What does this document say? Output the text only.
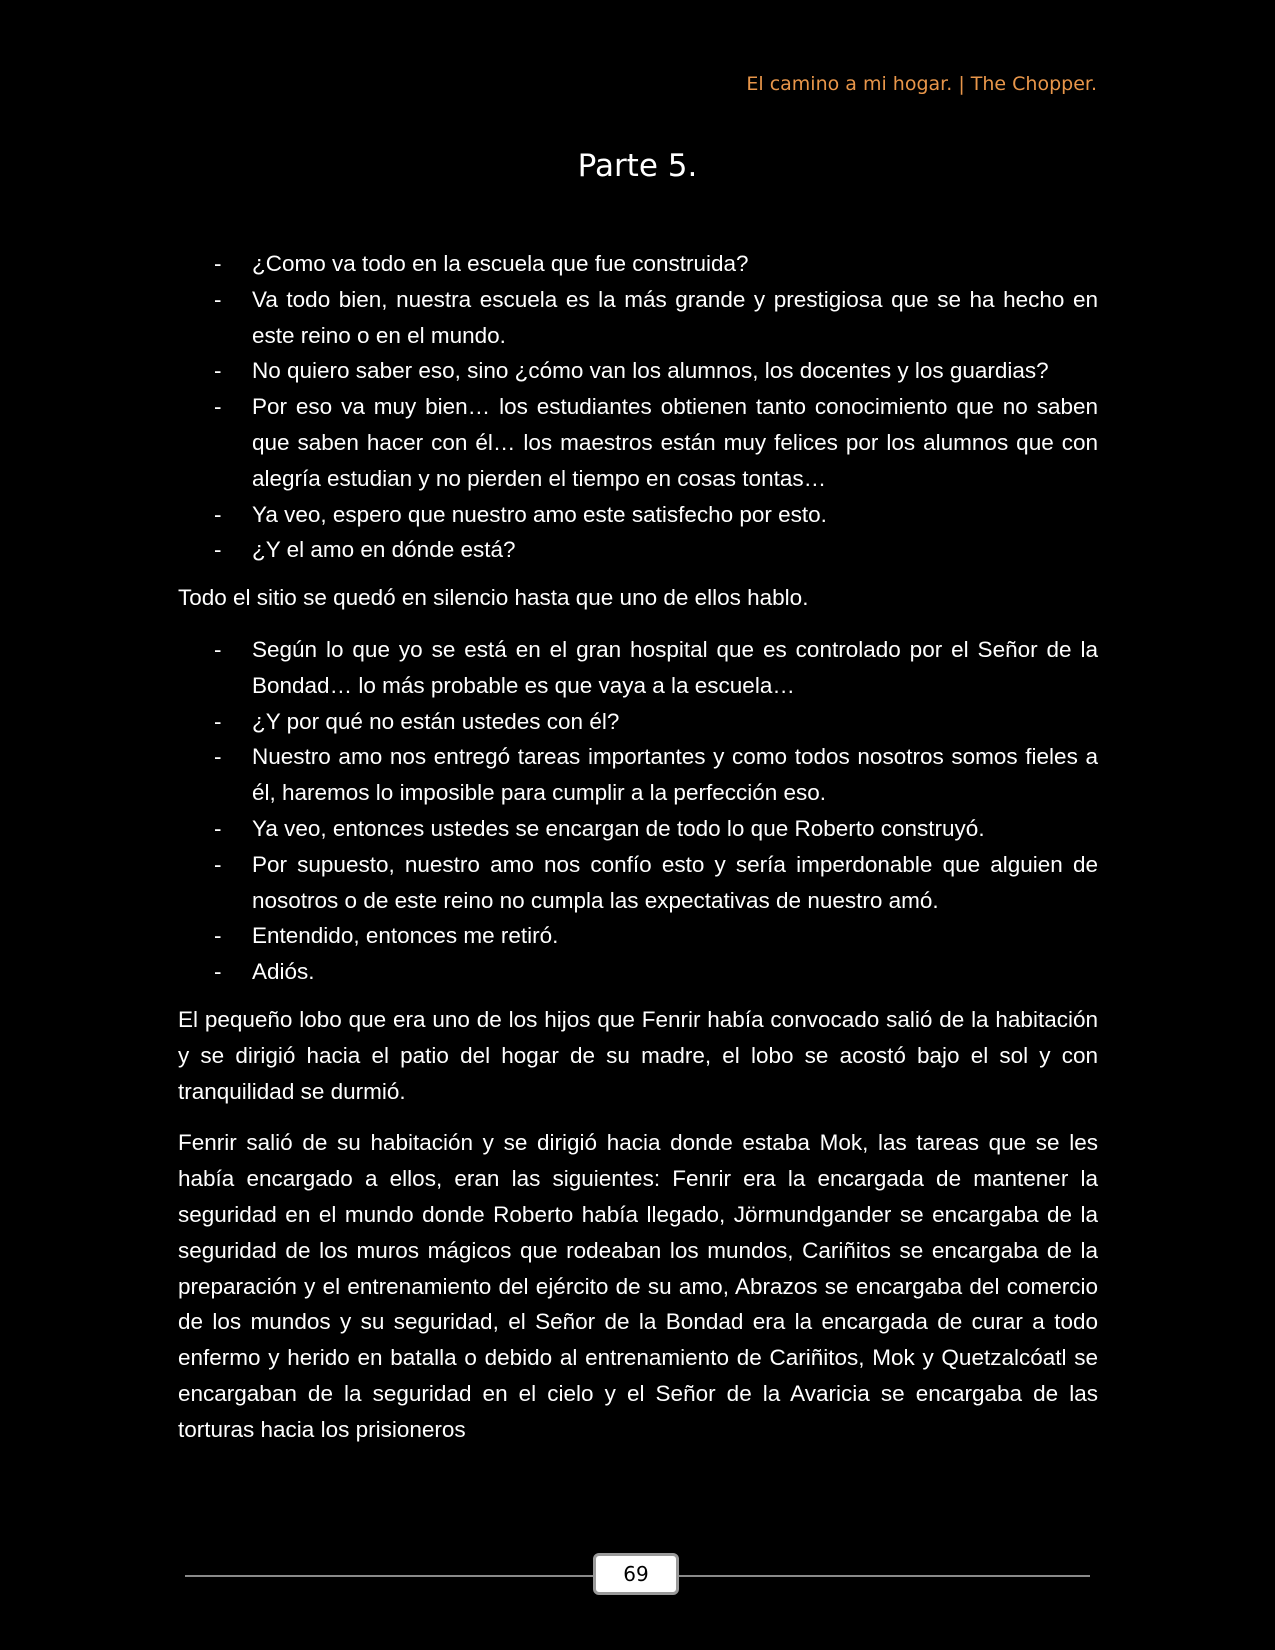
El camino a mi hogar. | The Chopper.
Parte 5.
- ¿Como va todo en la escuela que fue construida?
- Va todo bien, nuestra escuela es la más grande y prestigiosa que se ha hecho en este reino o en el mundo.
- No quiero saber eso, sino ¿cómo van los alumnos, los docentes y los guardias?
- Por eso va muy bien… los estudiantes obtienen tanto conocimiento que no saben que saben hacer con él… los maestros están muy felices por los alumnos que con alegría estudian y no pierden el tiempo en cosas tontas…
- Ya veo, espero que nuestro amo este satisfecho por esto.
- ¿Y el amo en dónde está?

Todo el sitio se quedó en silencio hasta que uno de ellos hablo.

- Según lo que yo se está en el gran hospital que es controlado por el Señor de la Bondad… lo más probable es que vaya a la escuela…
- ¿Y por qué no están ustedes con él?
- Nuestro amo nos entregó tareas importantes y como todos nosotros somos fieles a él, haremos lo imposible para cumplir a la perfección eso.
- Ya veo, entonces ustedes se encargan de todo lo que Roberto construyó.
- Por supuesto, nuestro amo nos confío esto y sería imperdonable que alguien de nosotros o de este reino no cumpla las expectativas de nuestro amó.
- Entendido, entonces me retiró.
- Adiós.

El pequeño lobo que era uno de los hijos que Fenrir había convocado salió de la habitación y se dirigió hacia el patio del hogar de su madre, el lobo se acostó bajo el sol y con tranquilidad se durmió.

Fenrir salió de su habitación y se dirigió hacia donde estaba Mok, las tareas que se les había encargado a ellos, eran las siguientes: Fenrir era la encargada de mantener la seguridad en el mundo donde Roberto había llegado, Jörmundgander se encargaba de la seguridad de los muros mágicos que rodeaban los mundos, Cariñitos se encargaba de la preparación y el entrenamiento del ejército de su amo, Abrazos se encargaba del comercio de los mundos y su seguridad, el Señor de la Bondad era la encargada de curar a todo enfermo y herido en batalla o debido al entrenamiento de Cariñitos, Mok y Quetzalcóatl se encargaban de la seguridad en el cielo y el Señor de la Avaricia se encargaba de las torturas hacia los prisioneros

69
